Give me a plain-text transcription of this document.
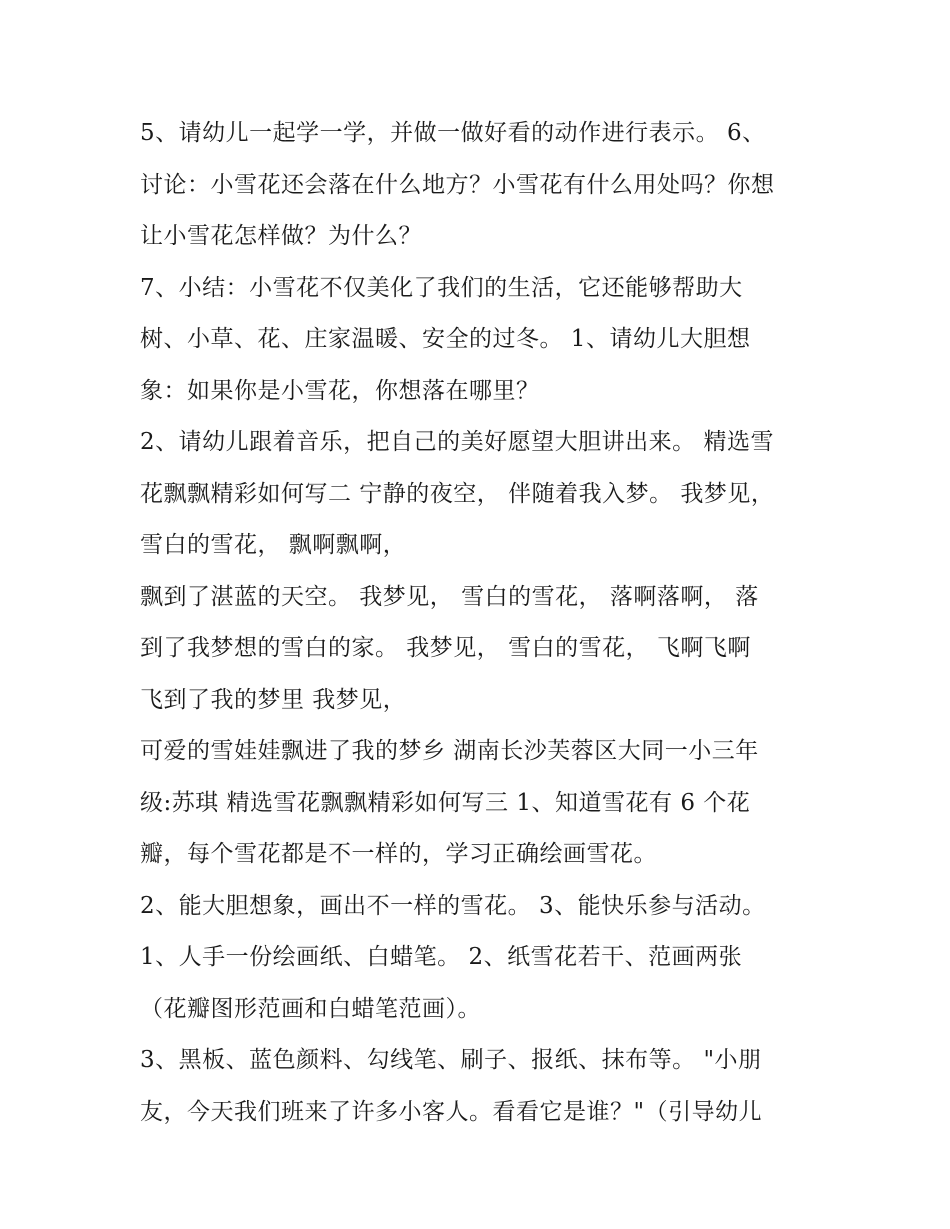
5、请幼儿一起学一学，并做一做好看的动作进行表示。 6、
讨论：小雪花还会落在什么地方？小雪花有什么用处吗？你想
让小雪花怎样做？为什么？
7、小结：小雪花不仅美化了我们的生活，它还能够帮助大
树、小草、花、庄家温暖、安全的过冬。 1、请幼儿大胆想
象：如果你是小雪花，你想落在哪里？
2、请幼儿跟着音乐，把自己的美好愿望大胆讲出来。 精选雪
花飘飘精彩如何写二 宁静的夜空， 伴随着我入梦。 我梦见，
雪白的雪花， 飘啊飘啊，
飘到了湛蓝的天空。 我梦见， 雪白的雪花， 落啊落啊， 落
到了我梦想的雪白的家。 我梦见， 雪白的雪花， 飞啊飞啊
飞到了我的梦里 我梦见，
可爱的雪娃娃飘进了我的梦乡 湖南长沙芙蓉区大同一小三年
级:苏琪 精选雪花飘飘精彩如何写三 1、知道雪花有 6 个花
瓣，每个雪花都是不一样的，学习正确绘画雪花。
2、能大胆想象，画出不一样的雪花。 3、能快乐参与活动。
1、人手一份绘画纸、白蜡笔。 2、纸雪花若干、范画两张
（花瓣图形范画和白蜡笔范画）。
3、黑板、蓝色颜料、勾线笔、刷子、报纸、抹布等。 "小朋
友，今天我们班来了许多小客人。看看它是谁？"（引导幼儿
